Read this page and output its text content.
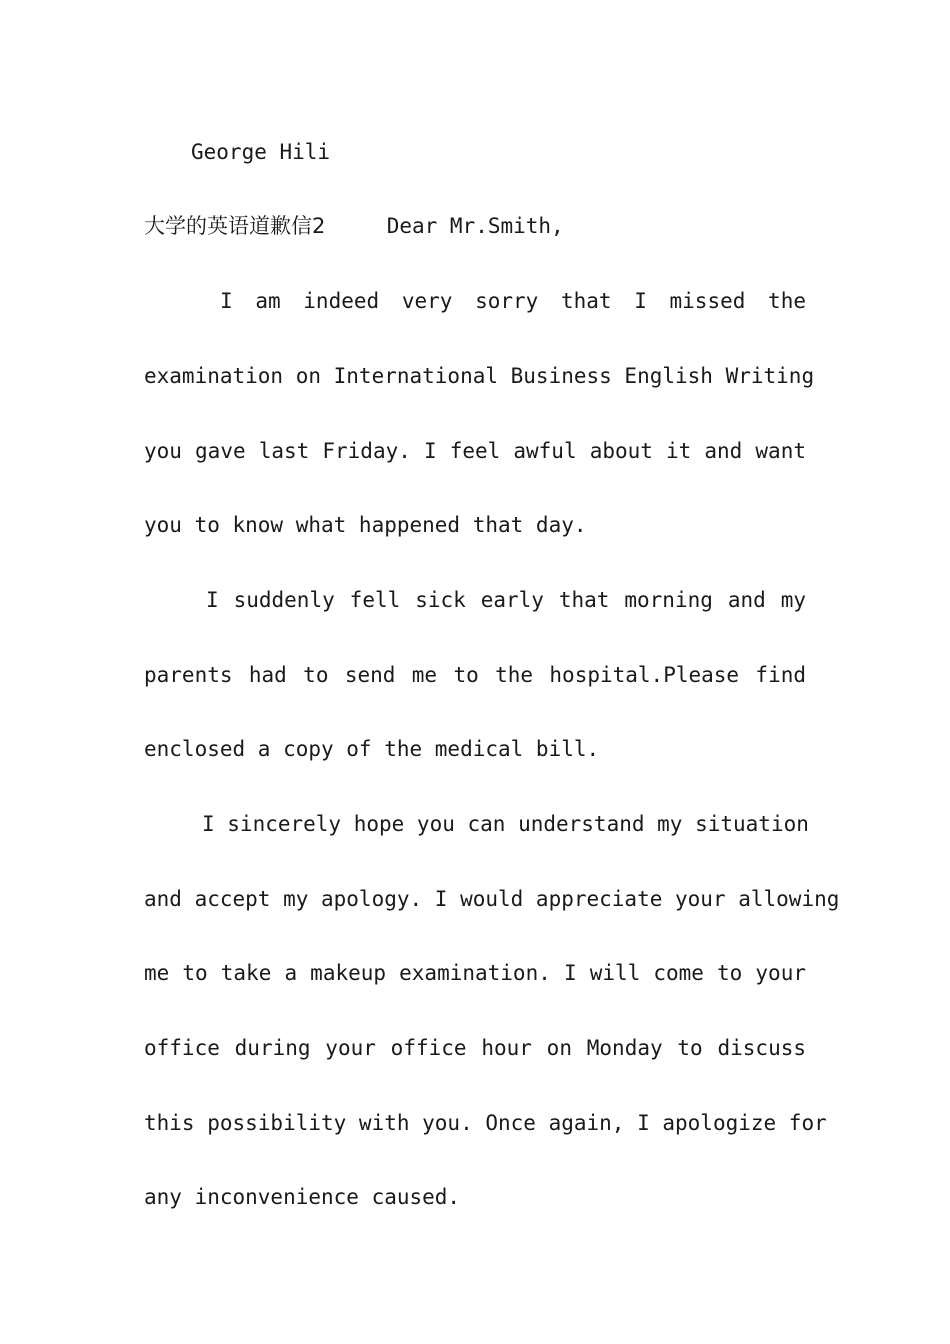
George Hili
大学的英语道歉信2	Dear Mr.Smith,
I am indeed very sorry that I missed the
examination on International Business English Writing
you gave last Friday. I feel awful about it and want
you to know what happened that day.
I suddenly fell sick early that morning and my
parents had to send me to the hospital.Please find
enclosed a copy of the medical bill.
I sincerely hope you can understand my situation
and accept my apology. I would appreciate your allowing
me to take a makeup examination. I will come to your
office during your office hour on Monday to discuss
this possibility with you. Once again, I apologize for
any inconvenience caused.
